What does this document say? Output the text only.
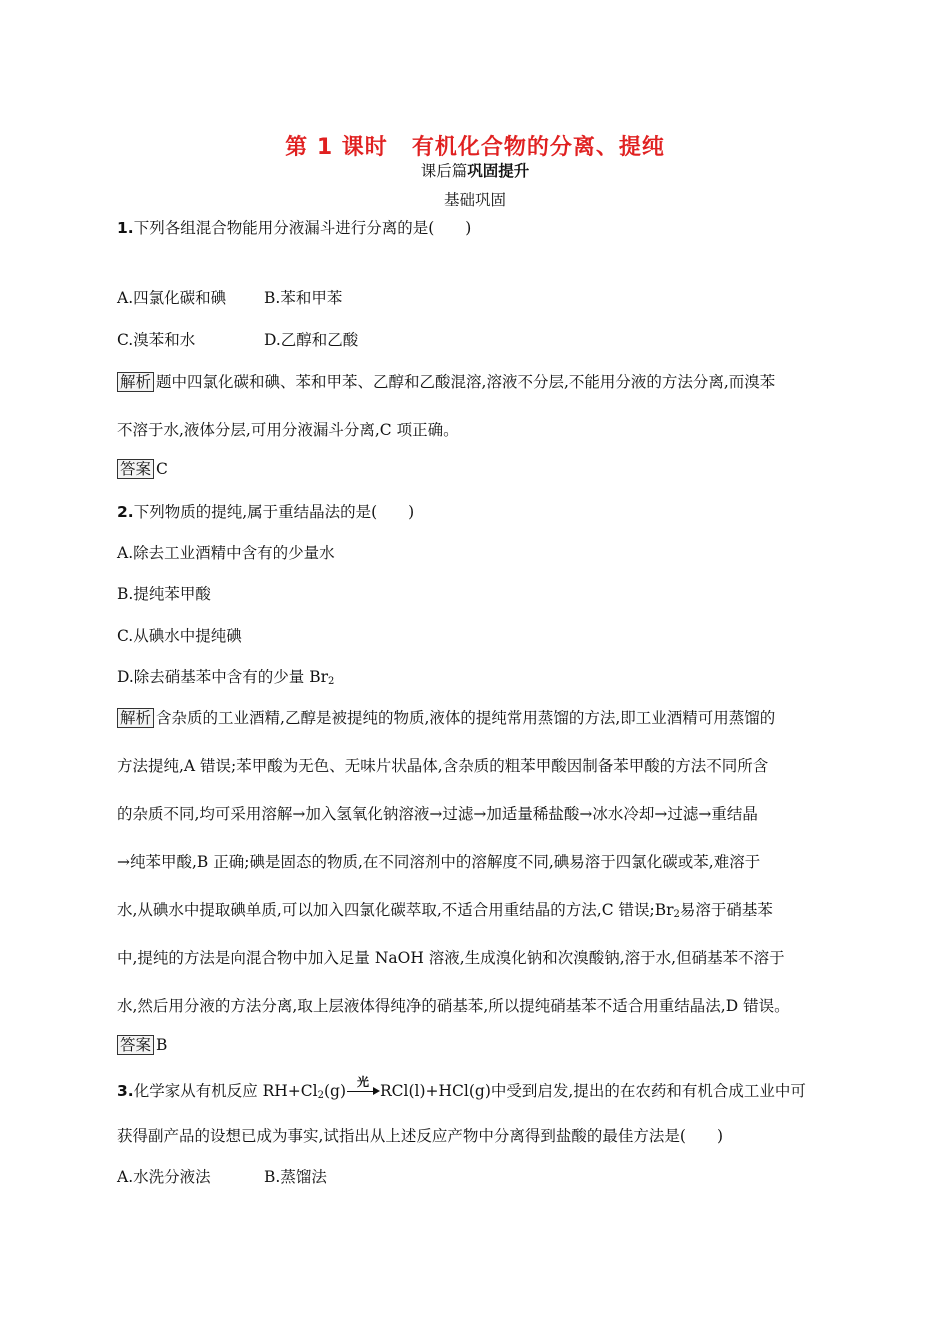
第 1 课时 有机化合物的分离、提纯
课后篇巩固提升
基础巩固
1.下列各组混合物能用分液漏斗进行分离的是(　　)
A.四氯化碳和碘 B.苯和甲苯
C.溴苯和水	D.乙醇和乙酸
解析 题中四氯化碳和碘、苯和甲苯、乙醇和乙酸混溶,溶液不分层,不能用分液的方法分离,而溴苯
不溶于水,液体分层,可用分液漏斗分离,C 项正确。
答案 C
2.下列物质的提纯,属于重结晶法的是(　　)
A.除去工业酒精中含有的少量水
B.提纯苯甲酸
C.从碘水中提纯碘
D.除去硝基苯中含有的少量 $Br_2$
解析 含杂质的工业酒精,乙醇是被提纯的物质,液体的提纯常用蒸馏的方法,即工业酒精可用蒸馏的
方法提纯,A 错误;苯甲酸为无色、无味片状晶体,含杂质的粗苯甲酸因制备苯甲酸的方法不同所含
的杂质不同,均可采用溶解→加入氢氧化钠溶液→过滤→加适量稀盐酸→冰水冷却→过滤→重结晶
→纯苯甲酸,B 正确;碘是固态的物质,在不同溶剂中的溶解度不同,碘易溶于四氯化碳或苯,难溶于
水,从碘水中提取碘单质,可以加入四氯化碳萃取,不适合用重结晶的方法,C 错误$;Br_2$易溶于硝基苯
中,提纯的方法是向混合物中加入足量 NaOH 溶液,生成溴化钠和次溴酸钠,溶于水,但硝基苯不溶于
水,然后用分液的方法分离,取上层液体得纯净的硝基苯,所以提纯硝基苯不适合用重结晶法,D 错误。
答案 B
3.化学家从有机反应 $RH+Cl_2(g)$ 光 RCl(l)+HCl(g)中受到启发,提出的在农药和有机合成工业中可
获得副产品的设想已成为事实,试指出从上述反应产物中分离得到盐酸的最佳方法是(　　)
A.水洗分液法	B.蒸馏法
